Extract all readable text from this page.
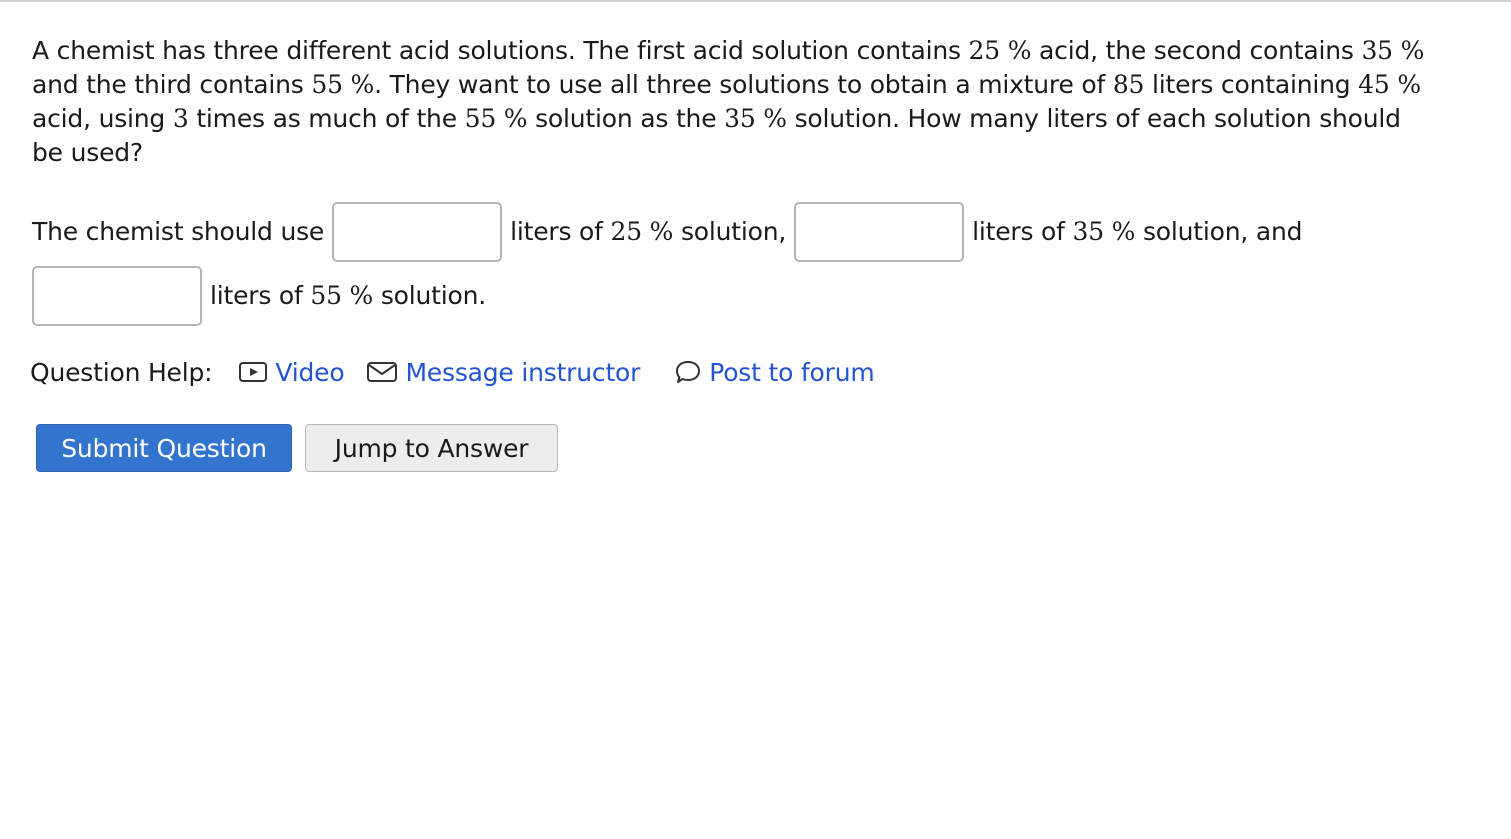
A chemist has three different acid solutions. The first acid solution contains 25 % acid, the second contains 35 % and the third contains 55 %. They want to use all three solutions to obtain a mixture of 85 liters containing 45 % acid, using 3 times as much of the 55 % solution as the 35 % solution. How many liters of each solution should be used?
The chemist should use	liters of 25 % solution,	liters of 35 % solution, and
liters of 55 % solution.
Question Help:	Video Message instructor	Post to forum
Submit Question	Jump to Answer
